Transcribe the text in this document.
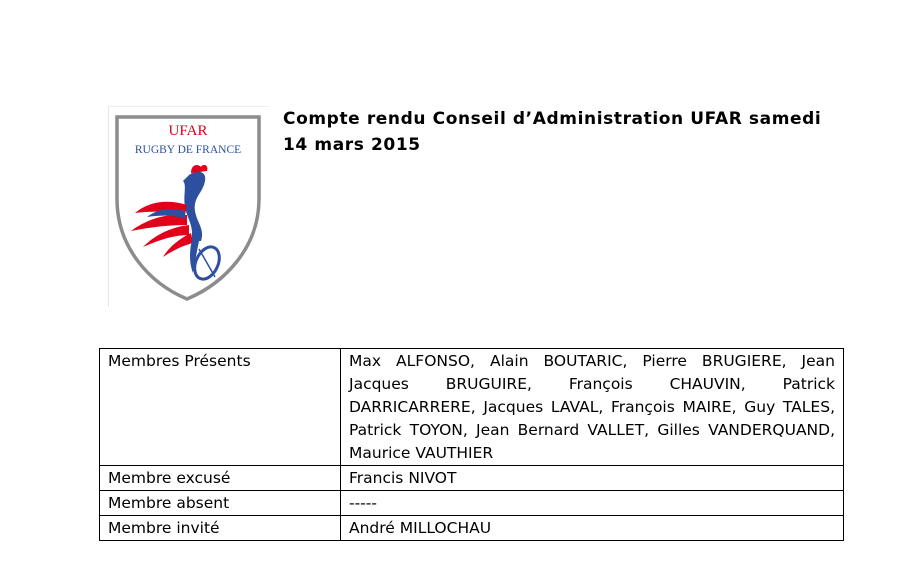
UFAR
RUGBY DE FRANCE
Compte rendu Conseil d’Administration UFAR samedi
14 mars 2015
Membres Présents	Max ALFONSO, Alain BOUTARIC, Pierre BRUGIERE, Jean Jacques BRUGUIRE, François CHAUVIN, Patrick DARRICARRERE, Jacques LAVAL, François MAIRE, Guy TALES, Patrick TOYON, Jean Bernard VALLET, Gilles VANDERQUAND, Maurice VAUTHIER
Membre excusé	Francis NIVOT
Membre absent	-----
Membre invité	André MILLOCHAU
